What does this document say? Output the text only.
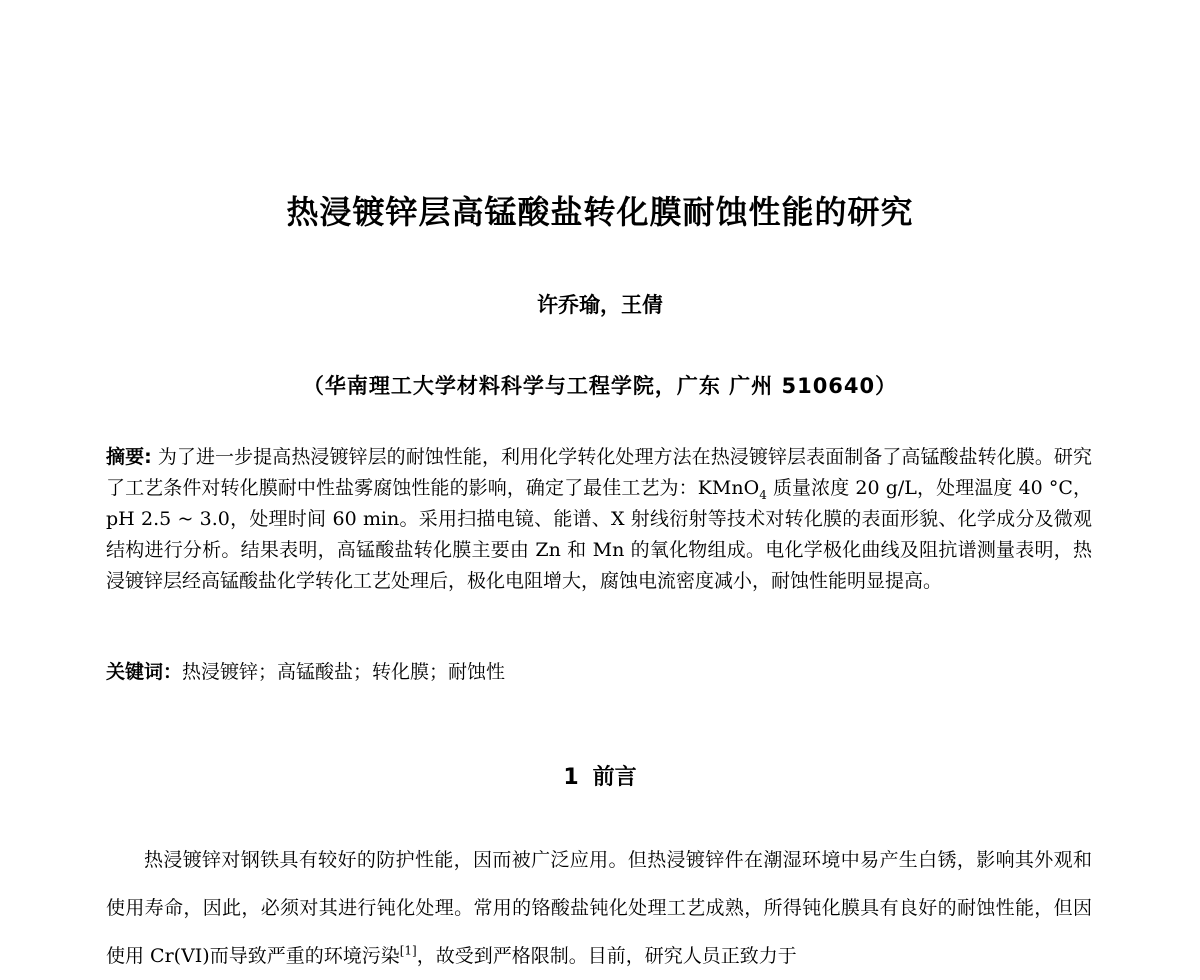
热浸镀锌层高锰酸盐转化膜耐蚀性能的研究
许乔瑜，王倩
（华南理工大学材料科学与工程学院，广东 广州 510640）
摘要: 为了进一步提高热浸镀锌层的耐蚀性能，利用化学转化处理方法在热浸镀锌层表面制备了高锰酸盐转化膜。研究了工艺条件对转化膜耐中性盐雾腐蚀性能的影响，确定了最佳工艺为：KMnO$_4$ 质量浓度 20 g/L，处理温度 40 °C，pH 2.5 ~ 3.0，处理时间 60 min。采用扫描电镜、能谱、X 射线衍射等技术对转化膜的表面形貌、化学成分及微观结构进行分析。结果表明，高锰酸盐转化膜主要由 Zn 和 Mn 的氧化物组成。电化学极化曲线及阻抗谱测量表明，热浸镀锌层经高锰酸盐化学转化工艺处理后，极化电阻增大，腐蚀电流密度减小，耐蚀性能明显提高。
关键词：热浸镀锌；高锰酸盐；转化膜；耐蚀性
1 前言

热浸镀锌对钢铁具有较好的防护性能，因而被广泛应用。但热浸镀锌件在潮湿环境中易产生白锈，影响其外观和使用寿命，因此，必须对其进行钝化处理。常用的铬酸盐钝化处理工艺成熟，所得钝化膜具有良好的耐蚀性能，但因使用 Cr(VI)而导致严重的环境污染[1]，故受到严格限制。目前，研究人员正致力于
